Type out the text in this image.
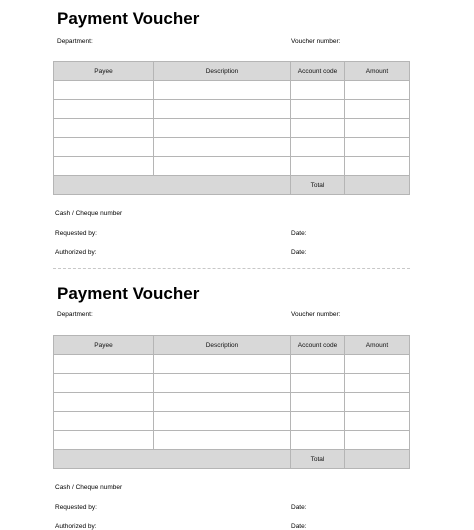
Payment Voucher
Department:	Voucher number:
Payee	Description	Account code	Amount

		Total	
Cash / Cheque number
Requested by:	Date:
Authorized by:	Date:
Payment Voucher
Department:	Voucher number:
Payee	Description	Account code	Amount

		Total	
Cash / Cheque number
Requested by:	Date:
Authorized by:	Date:
